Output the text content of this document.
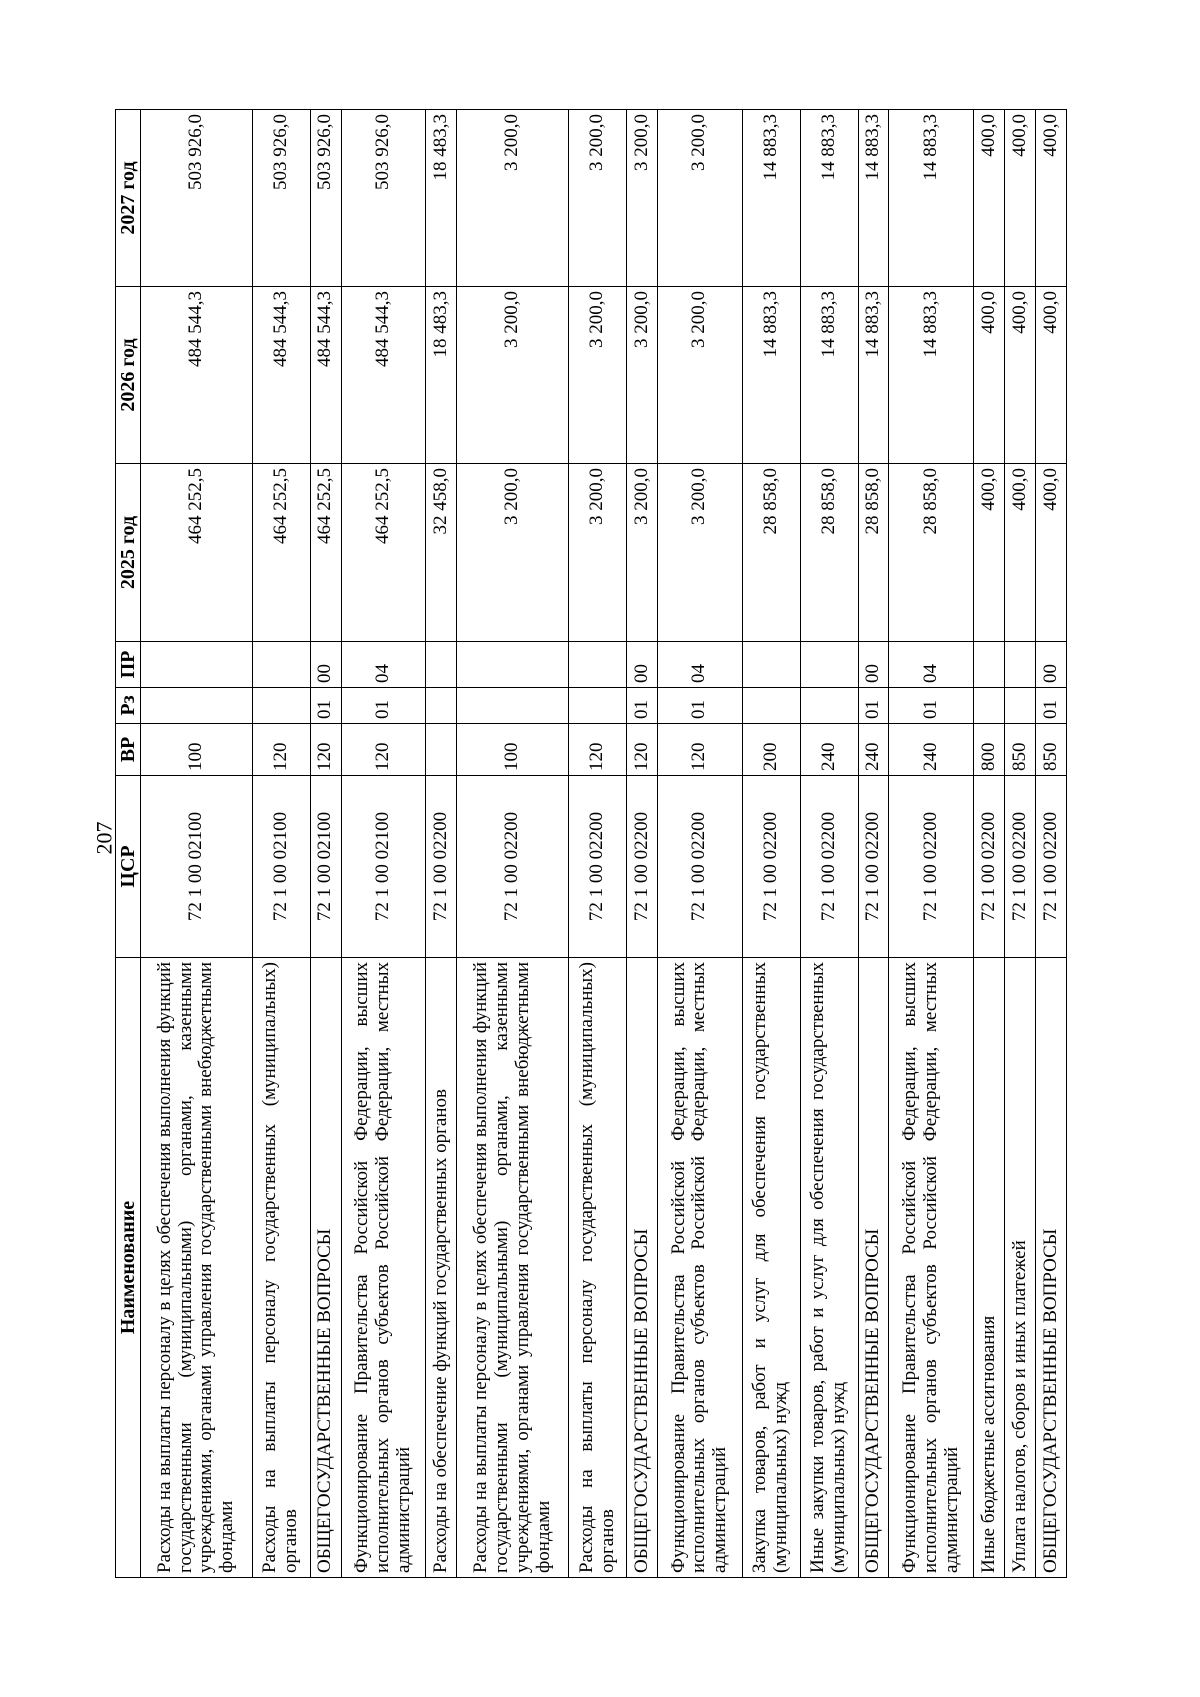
207
Наименование	ЦСР	ВР	Рз	ПР	2025 год	2026 год	2027 год
Расходы на выплаты персоналу в целях обеспечения выполнения функций государственными (муниципальными) органами, казенными учреждениями, органами управления государственными внебюджетными фондами	72 1 00 02100	100			464 252,5	484 544,3	503 926,0
Расходы на выплаты персоналу государственных (муниципальных) органов	72 1 00 02100	120			464 252,5	484 544,3	503 926,0
ОБЩЕГОСУДАРСТВЕННЫЕ ВОПРОСЫ	72 1 00 02100	120	01	00	464 252,5	484 544,3	503 926,0
Функционирование Правительства Российской Федерации, высших исполнительных органов субъектов Российской Федерации, местных администраций	72 1 00 02100	120	01	04	464 252,5	484 544,3	503 926,0
Расходы на обеспечение функций государственных органов	72 1 00 02200				32 458,0	18 483,3	18 483,3
Расходы на выплаты персоналу в целях обеспечения выполнения функций государственными (муниципальными) органами, казенными учреждениями, органами управления государственными внебюджетными фондами	72 1 00 02200	100			3 200,0	3 200,0	3 200,0
Расходы на выплаты персоналу государственных (муниципальных) органов	72 1 00 02200	120			3 200,0	3 200,0	3 200,0
ОБЩЕГОСУДАРСТВЕННЫЕ ВОПРОСЫ	72 1 00 02200	120	01	00	3 200,0	3 200,0	3 200,0
Функционирование Правительства Российской Федерации, высших исполнительных органов субъектов Российской Федерации, местных администраций	72 1 00 02200	120	01	04	3 200,0	3 200,0	3 200,0
Закупка товаров, работ и услуг для обеспечения государственных (муниципальных) нужд	72 1 00 02200	200			28 858,0	14 883,3	14 883,3
Иные закупки товаров, работ и услуг для обеспечения государственных (муниципальных) нужд	72 1 00 02200	240			28 858,0	14 883,3	14 883,3
ОБЩЕГОСУДАРСТВЕННЫЕ ВОПРОСЫ	72 1 00 02200	240	01	00	28 858,0	14 883,3	14 883,3
Функционирование Правительства Российской Федерации, высших исполнительных органов субъектов Российской Федерации, местных администраций	72 1 00 02200	240	01	04	28 858,0	14 883,3	14 883,3
Иные бюджетные ассигнования	72 1 00 02200	800			400,0	400,0	400,0
Уплата налогов, сборов и иных платежей	72 1 00 02200	850			400,0	400,0	400,0
ОБЩЕГОСУДАРСТВЕННЫЕ ВОПРОСЫ	72 1 00 02200	850	01	00	400,0	400,0	400,0
